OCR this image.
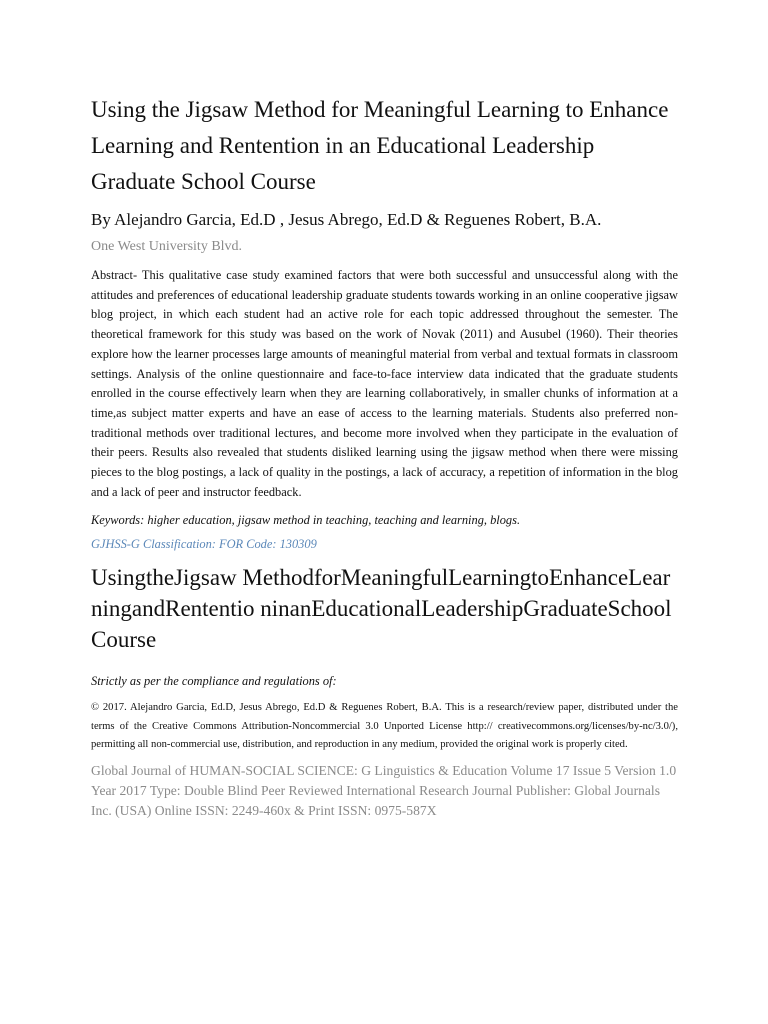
Using the Jigsaw Method for Meaningful Learning to Enhance Learning and Rentention in an Educational Leadership Graduate School Course

By Alejandro Garcia, Ed.D , Jesus Abrego, Ed.D & Reguenes Robert, B.A.

One West University Blvd.

Abstract- This qualitative case study examined factors that were both successful and unsuccessful along with the attitudes and preferences of educational leadership graduate students towards working in an online cooperative jigsaw blog project, in which each student had an active role for each topic addressed throughout the semester. The theoretical framework for this study was based on the work of Novak (2011) and Ausubel (1960). Their theories explore how the learner processes large amounts of meaningful material from verbal and textual formats in classroom settings. Analysis of the online questionnaire and face-to-face interview data indicated that the graduate students enrolled in the course effectively learn when they are learning collaboratively, in smaller chunks of information at a time,as subject matter experts and have an ease of access to the learning materials. Students also preferred non-traditional methods over traditional lectures, and become more involved when they participate in the evaluation of their peers. Results also revealed that students disliked learning using the jigsaw method when there were missing pieces to the blog postings, a lack of quality in the postings, a lack of accuracy, a repetition of information in the blog and a lack of peer and instructor feedback.

Keywords: higher education, jigsaw method in teaching, teaching and learning, blogs.

GJHSS-G Classification: FOR Code: 130309

UsingtheJigsaw MethodforMeaningfulLearningtoEnhanceLearningandRententio ninanEducationalLeadershipGraduateSchoolCourse

Strictly as per the compliance and regulations of:

© 2017. Alejandro Garcia, Ed.D, Jesus Abrego, Ed.D & Reguenes Robert, B.A. This is a research/review paper, distributed under the terms of the Creative Commons Attribution-Noncommercial 3.0 Unported License http:// creativecommons.org/licenses/by-nc/3.0/), permitting all non-commercial use, distribution, and reproduction in any medium, provided the original work is properly cited.

Global Journal of HUMAN-SOCIAL SCIENCE: G Linguistics & Education Volume 17 Issue 5 Version 1.0 Year 2017 Type: Double Blind Peer Reviewed International Research Journal Publisher: Global Journals Inc. (USA) Online ISSN: 2249-460x & Print ISSN: 0975-587X
